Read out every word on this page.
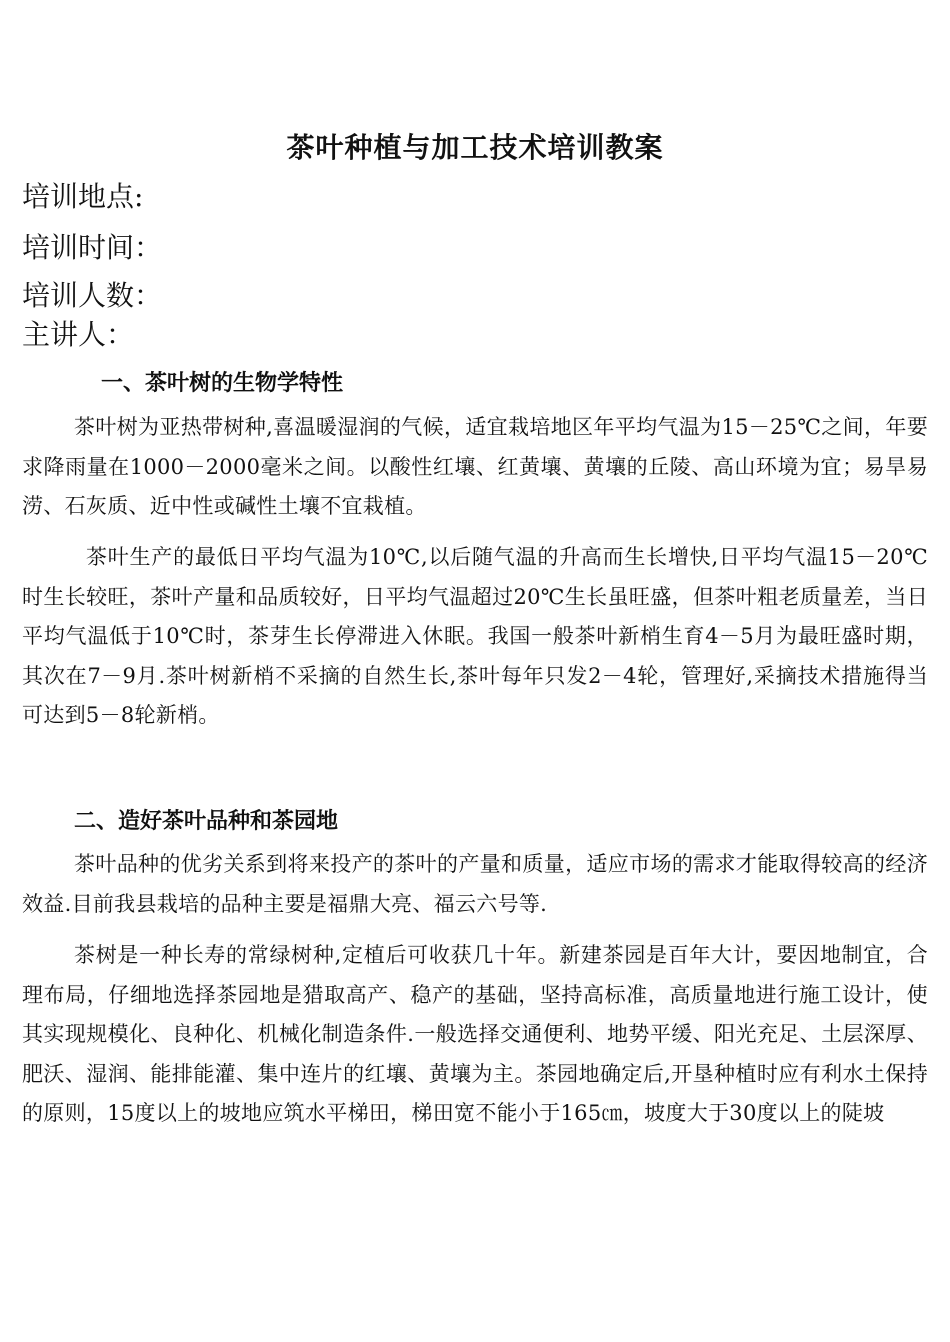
茶叶种植与加工技术培训教案
培训地点:
培训时间：
培训人数：
主讲人：
一、茶叶树的生物学特性
茶叶树为亚热带树种,喜温暖湿润的气候，适宜栽培地区年平均气温为15－25℃之间，年要求降雨量在1000－2000毫米之间。以酸性红壤、红黄壤、黄壤的丘陵、高山环境为宜；易旱易涝、石灰质、近中性或碱性土壤不宜栽植。
茶叶生产的最低日平均气温为10℃,以后随气温的升高而生长增快,日平均气温15－20℃时生长较旺，茶叶产量和品质较好，日平均气温超过20℃生长虽旺盛，但茶叶粗老质量差，当日平均气温低于10℃时，茶芽生长停滞进入休眠。我国一般茶叶新梢生育4－5月为最旺盛时期，其次在7－9月.茶叶树新梢不采摘的自然生长,茶叶每年只发2－4轮，管理好,采摘技术措施得当可达到5－8轮新梢。
二、造好茶叶品种和茶园地
茶叶品种的优劣关系到将来投产的茶叶的产量和质量，适应市场的需求才能取得较高的经济效益.目前我县栽培的品种主要是福鼎大亮、福云六号等.
茶树是一种长寿的常绿树种,定植后可收获几十年。新建茶园是百年大计，要因地制宜，合理布局，仔细地选择茶园地是猎取高产、稳产的基础，坚持高标准，高质量地进行施工设计，使其实现规模化、良种化、机械化制造条件.一般选择交通便利、地势平缓、阳光充足、土层深厚、肥沃、湿润、能排能灌、集中连片的红壤、黄壤为主。茶园地确定后,开垦种植时应有利水土保持的原则，15度以上的坡地应筑水平梯田，梯田宽不能小于165㎝，坡度大于30度以上的陡坡
